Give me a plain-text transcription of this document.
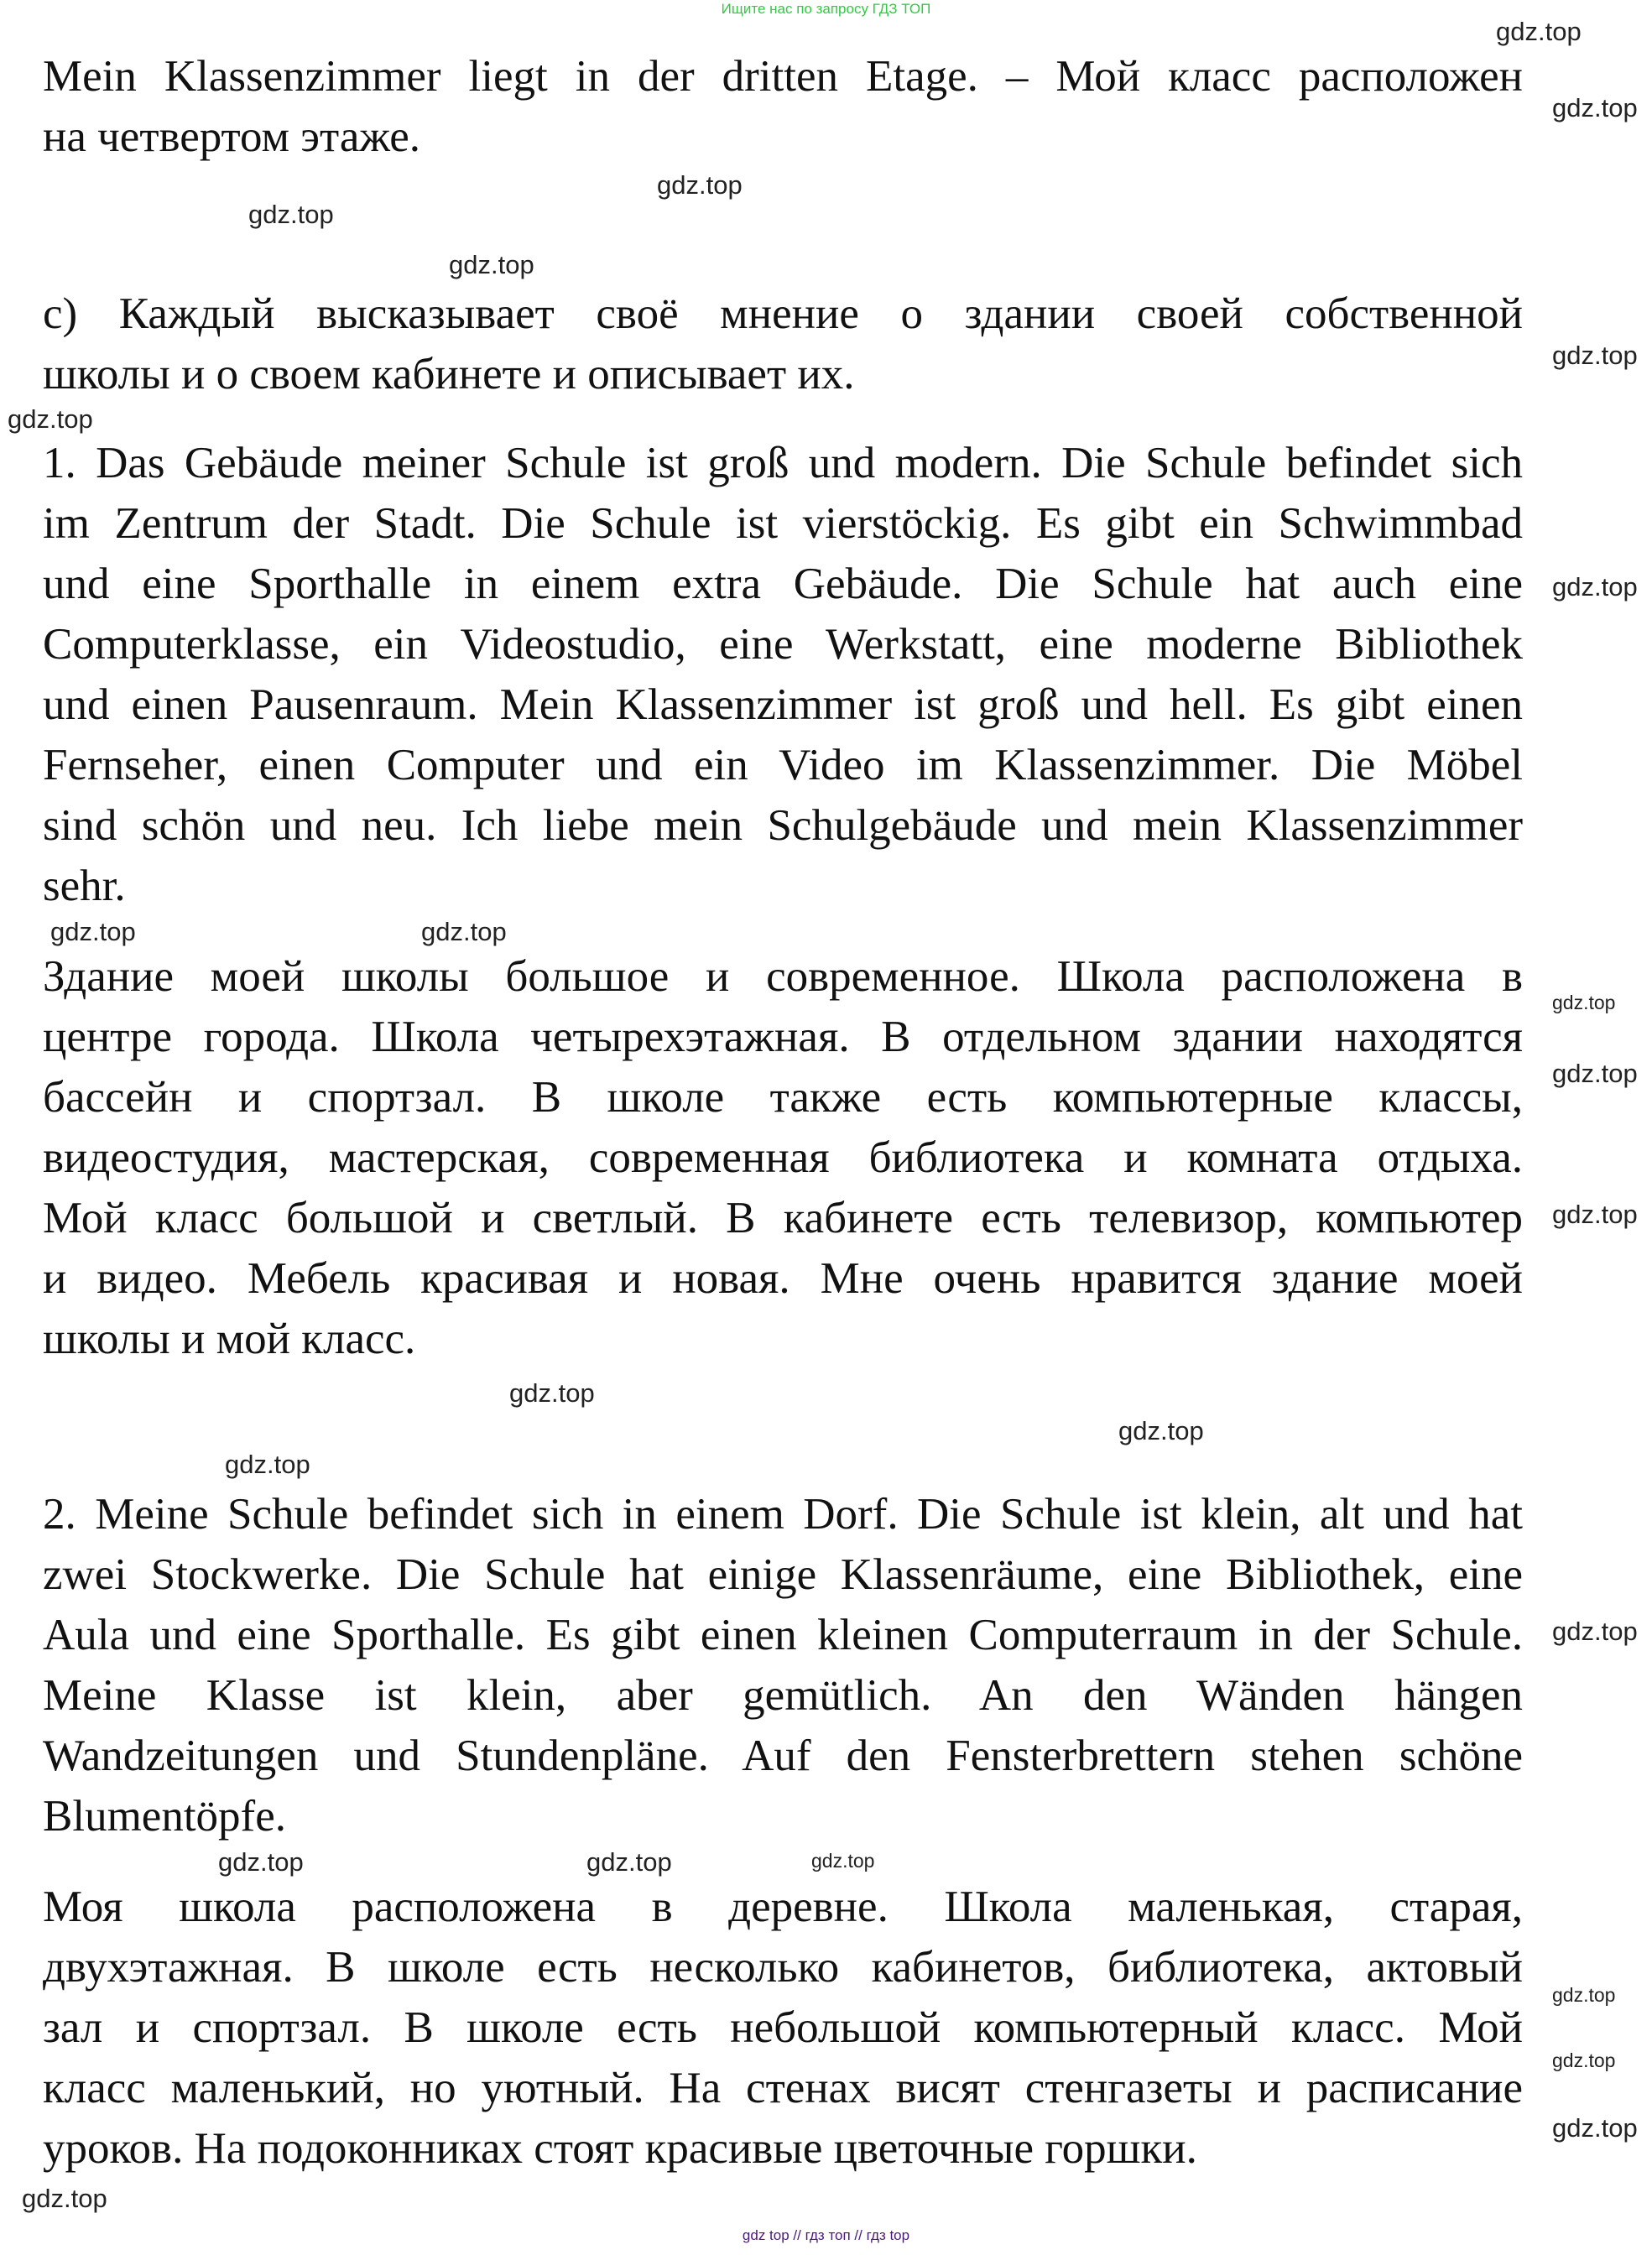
Ищите нас по запросу ГДЗ ТОП
Mein Klassenzimmer liegt in der dritten Etage. – Мой класс расположен
на четвертом этаже.
с) Каждый высказывает своё мнение о здании своей собственной
школы и о своем кабинете и описывает их.
1. Das Gebäude meiner Schule ist groß und modern. Die Schule befindet sich
im Zentrum der Stadt. Die Schule ist vierstöckig. Es gibt ein Schwimmbad
und eine Sporthalle in einem extra Gebäude. Die Schule hat auch eine
Computerklasse, ein Videostudio, eine Werkstatt, eine moderne Bibliothek
und einen Pausenraum. Mein Klassenzimmer ist groß und hell. Es gibt einen
Fernseher, einen Computer und ein Video im Klassenzimmer. Die Möbel
sind schön und neu. Ich liebe mein Schulgebäude und mein Klassenzimmer
sehr.
Здание моей школы большое и современное. Школа расположена в
центре города. Школа четырехэтажная. В отдельном здании находятся
бассейн и спортзал. В школе также есть компьютерные классы,
видеостудия, мастерская, современная библиотека и комната отдыха.
Мой класс большой и светлый. В кабинете есть телевизор, компьютер
и видео. Мебель красивая и новая. Мне очень нравится здание моей
школы и мой класс.
2. Meine Schule befindet sich in einem Dorf. Die Schule ist klein, alt und hat
zwei Stockwerke. Die Schule hat einige Klassenräume, eine Bibliothek, eine
Aula und eine Sporthalle. Es gibt einen kleinen Computerraum in der Schule.
Meine Klasse ist klein, aber gemütlich. An den Wänden hängen
Wandzeitungen und Stundenpläne. Auf den Fensterbrettern stehen schöne
Blumentöpfe.
Моя школа расположена в деревне. Школа маленькая, старая,
двухэтажная. В школе есть несколько кабинетов, библиотека, актовый
зал и спортзал. В школе есть небольшой компьютерный класс. Мой
класс маленький, но уютный. На стенах висят стенгазеты и расписание
уроков. На подоконниках стоят красивые цветочные горшки.
gdz.top
gdz.top
gdz.top
gdz.top
gdz.top
gdz.top
gdz.top
gdz.top
gdz.top
gdz.top
gdz.top
gdz.top
gdz.top
gdz.top
gdz.top
gdz.top
gdz.top
gdz.top
gdz.top
gdz.top
gdz.top
gdz.top
gdz.top
gdz.top
gdz top // гдз топ // гдз top
